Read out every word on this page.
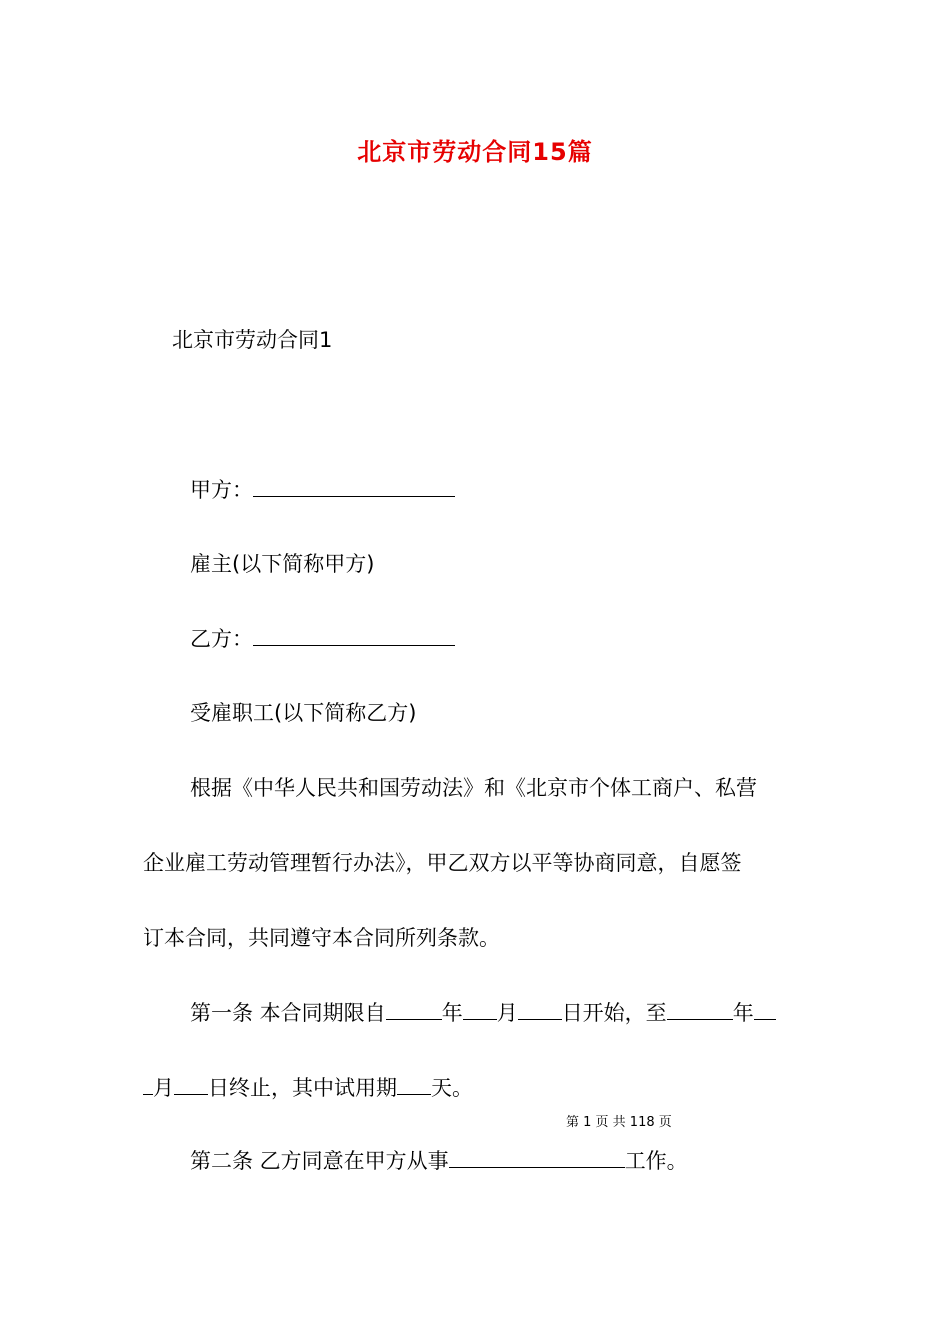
北京市劳动合同15篇
北京市劳动合同1
甲方：
雇主(以下简称甲方)
乙方：
受雇职工(以下简称乙方)
根据《中华人民共和国劳动法》和《北京市个体工商户、私营
企业雇工劳动管理暂行办法》，甲乙双方以平等协商同意，自愿签
订本合同，共同遵守本合同所列条款。
第一条 本合同期限自	年 月 日开始，至	年
月 日终止，其中试用期 天。
第 1 页 共 118 页
第二条 乙方同意在甲方从事	工作。
